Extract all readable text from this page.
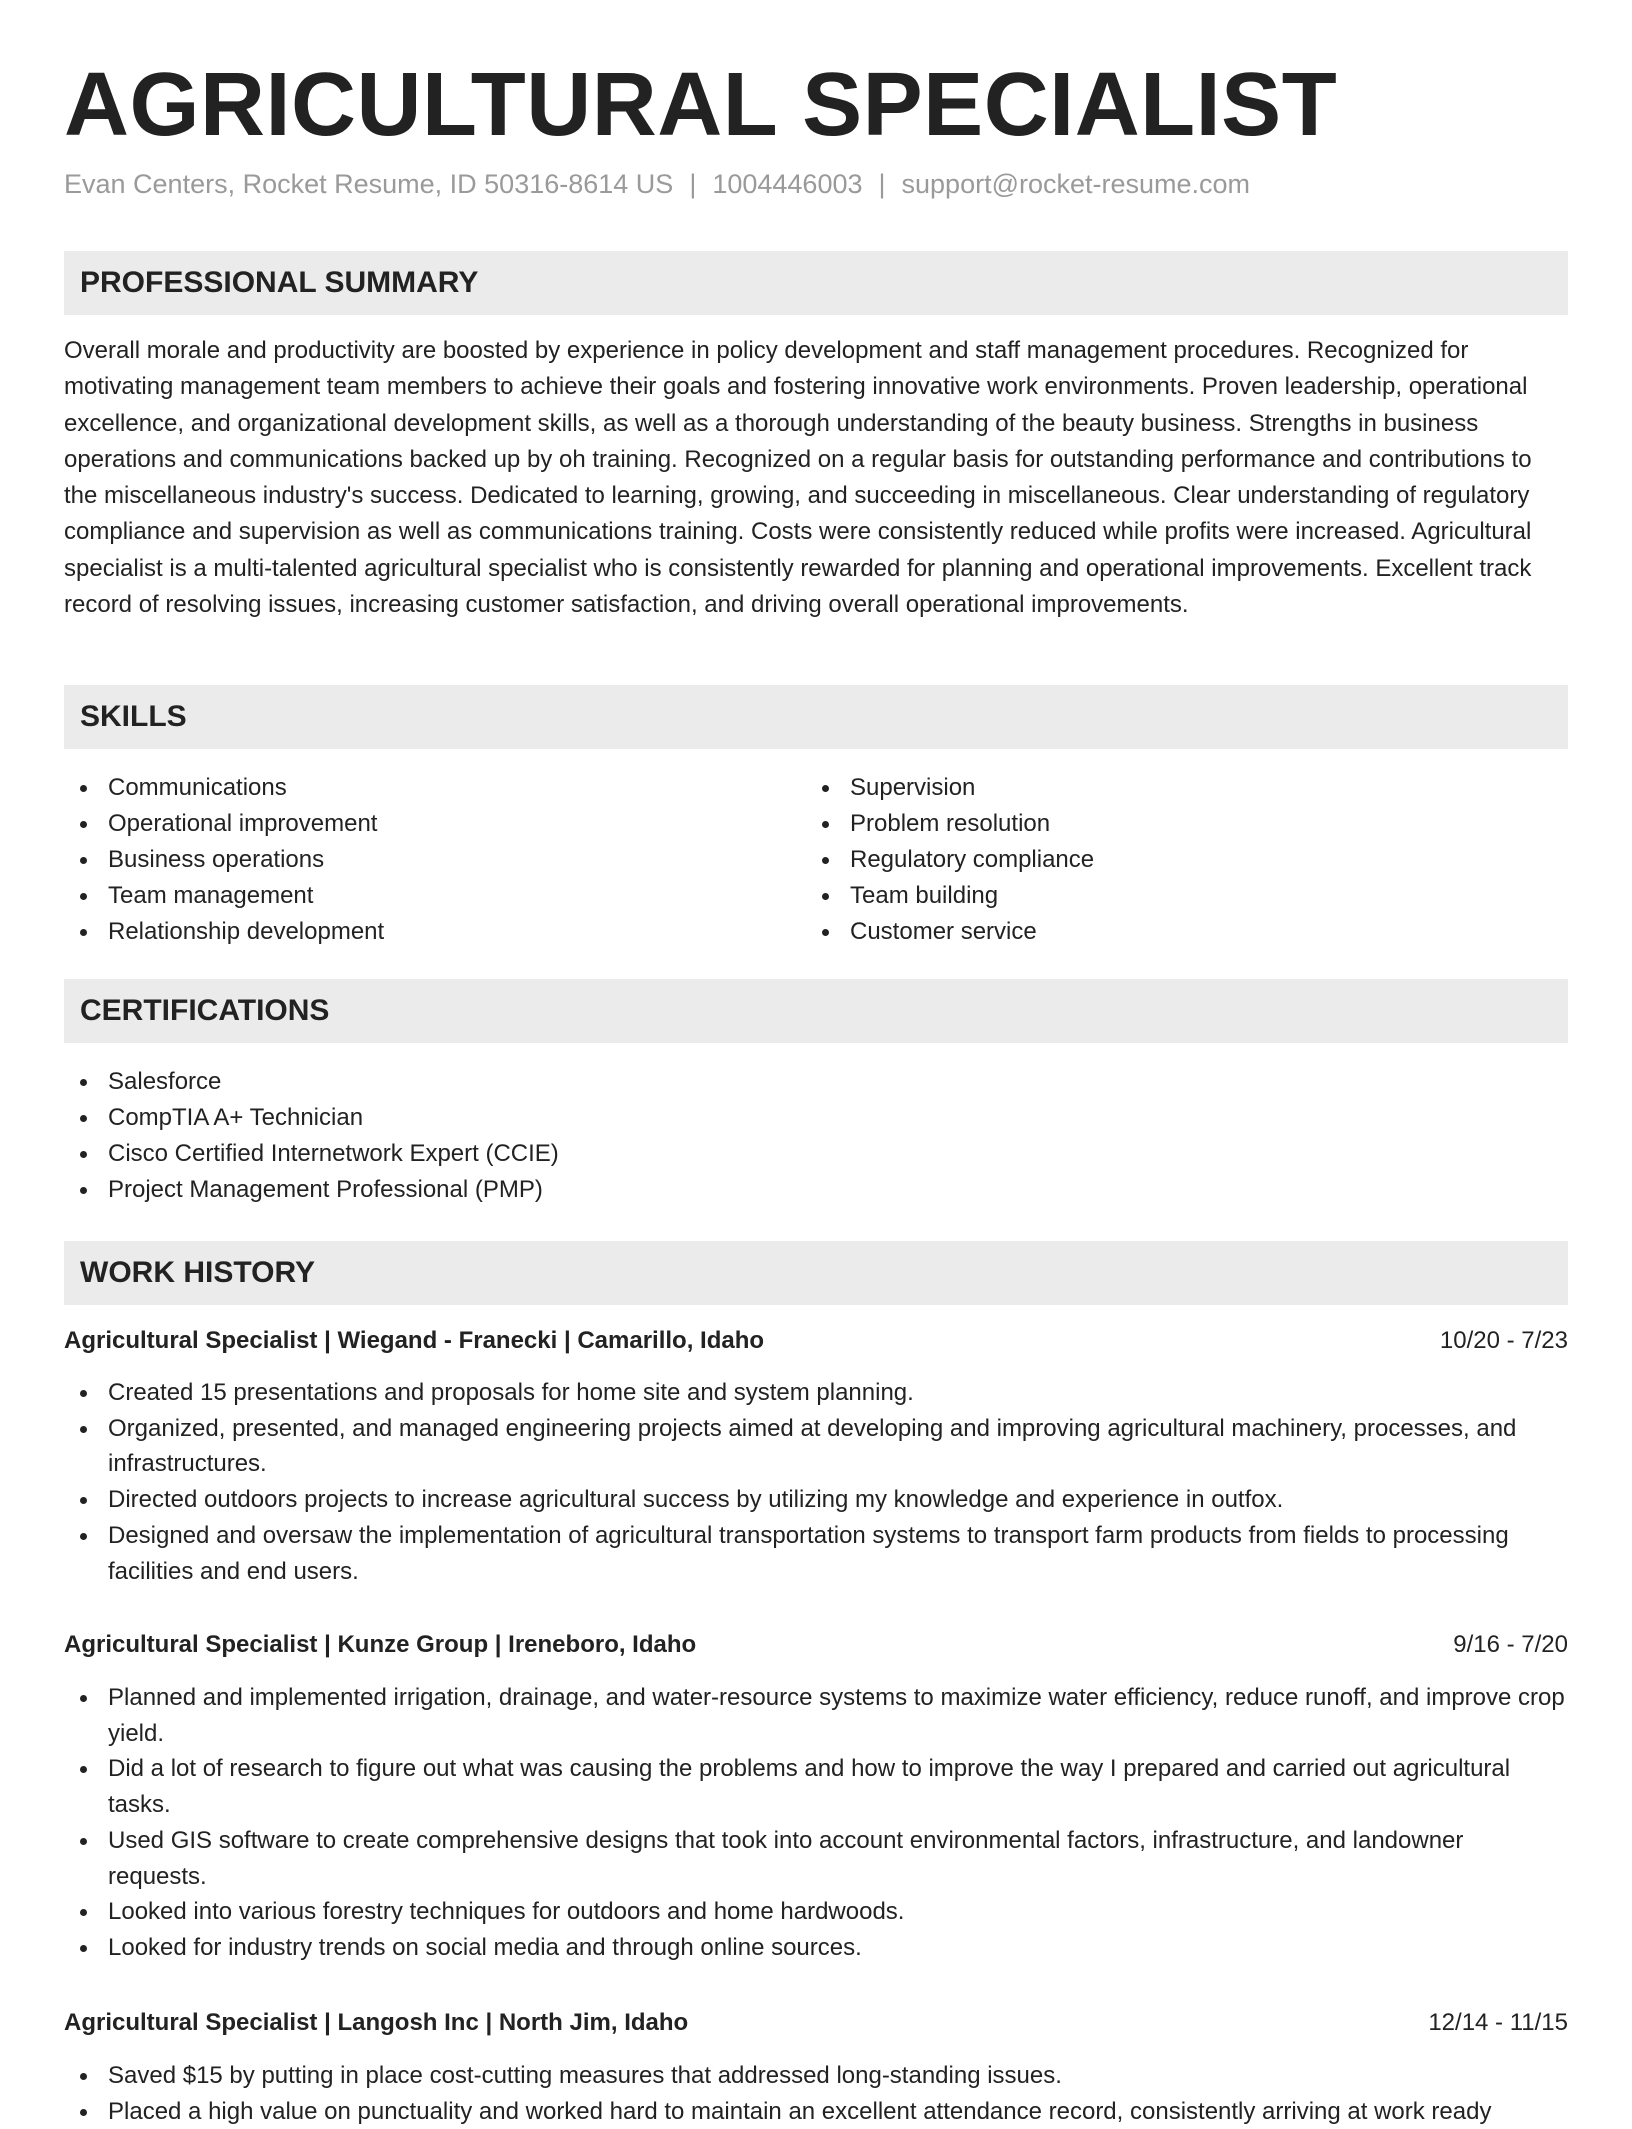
AGRICULTURAL SPECIALIST
Evan Centers, Rocket Resume, ID 50316-8614 US | 1004446003 | support@rocket-resume.com
PROFESSIONAL SUMMARY

Overall morale and productivity are boosted by experience in policy development and staff management procedures. Recognized for motivating management team members to achieve their goals and fostering innovative work environments. Proven leadership, operational excellence, and organizational development skills, as well as a thorough understanding of the beauty business. Strengths in business operations and communications backed up by oh training. Recognized on a regular basis for outstanding performance and contributions to the miscellaneous industry's success. Dedicated to learning, growing, and succeeding in miscellaneous. Clear understanding of regulatory compliance and supervision as well as communications training. Costs were consistently reduced while profits were increased. Agricultural specialist is a multi-talented agricultural specialist who is consistently rewarded for planning and operational improvements. Excellent track record of resolving issues, increasing customer satisfaction, and driving overall operational improvements.

SKILLS
Communications
Operational improvement
Business operations
Team management
Relationship development
Supervision
Problem resolution
Regulatory compliance
Team building
Customer service
CERTIFICATIONS
Salesforce
CompTIA A+ Technician
Cisco Certified Internetwork Expert (CCIE)
Project Management Professional (PMP)
WORK HISTORY
Agricultural Specialist | Wiegand - Franecki | Camarillo, Idaho	10/20 - 7/23
Created 15 presentations and proposals for home site and system planning.
Organized, presented, and managed engineering projects aimed at developing and improving agricultural machinery, processes, and infrastructures.
Directed outdoors projects to increase agricultural success by utilizing my knowledge and experience in outfox.
Designed and oversaw the implementation of agricultural transportation systems to transport farm products from fields to processing facilities and end users.
Agricultural Specialist | Kunze Group | Ireneboro, Idaho	9/16 - 7/20
Planned and implemented irrigation, drainage, and water-resource systems to maximize water efficiency, reduce runoff, and improve crop yield.
Did a lot of research to figure out what was causing the problems and how to improve the way I prepared and carried out agricultural tasks.
Used GIS software to create comprehensive designs that took into account environmental factors, infrastructure, and landowner requests.
Looked into various forestry techniques for outdoors and home hardwoods.
Looked for industry trends on social media and through online sources.
Agricultural Specialist | Langosh Inc | North Jim, Idaho	12/14 - 11/15
Saved $15 by putting in place cost-cutting measures that addressed long-standing issues.
Placed a high value on punctuality and worked hard to maintain an excellent attendance record, consistently arriving at work ready
